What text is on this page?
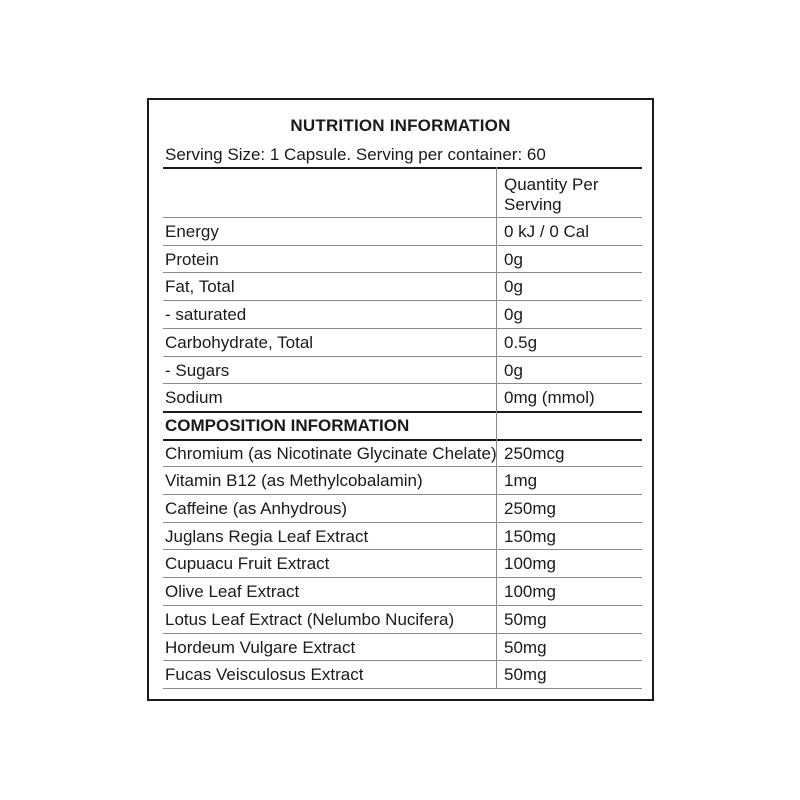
NUTRITION INFORMATION
Serving Size: 1 Capsule. Serving per container: 60
Quantity Per Serving
Energy	0 kJ / 0 Cal
Protein	0g
Fat, Total	0g
- saturated	0g
Carbohydrate, Total	0.5g
- Sugars	0g
Sodium	0mg (mmol)
COMPOSITION INFORMATION
Chromium (as Nicotinate Glycinate Chelate) 250mcg
Vitamin B12 (as Methylcobalamin)	1mg
Caffeine (as Anhydrous)	250mg
Juglans Regia Leaf Extract	150mg
Cupuacu Fruit Extract	100mg
Olive Leaf Extract	100mg
Lotus Leaf Extract (Nelumbo Nucifera)	50mg
Hordeum Vulgare Extract	50mg
Fucas Veisculosus Extract	50mg
